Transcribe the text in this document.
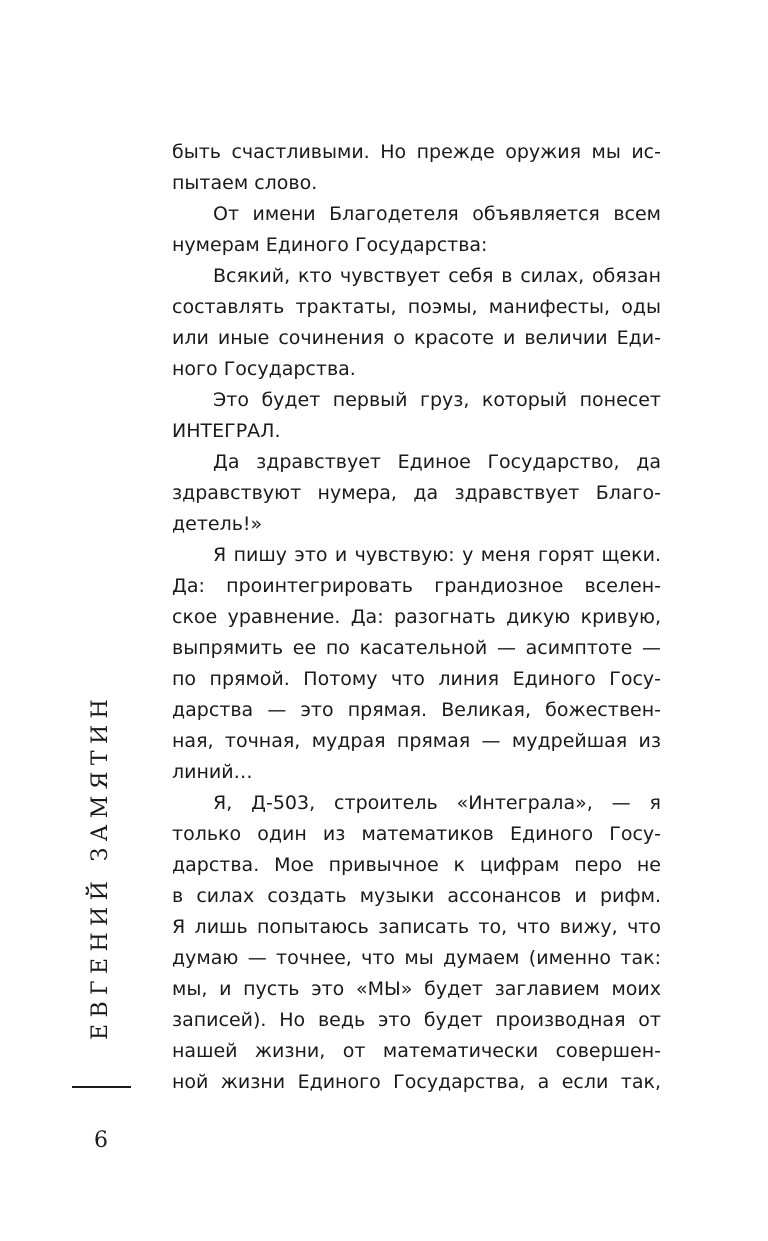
быть счастливыми. Но прежде оружия мы ис-
пытаем слово.
От имени Благодетеля объявляется всем
нумерам Единого Государства:
Всякий, кто чувствует себя в силах, обязан
составлять трактаты, поэмы, манифесты, оды
или иные сочинения о красоте и величии Еди-
ного Государства.
Это будет первый груз, который понесет
ИНТЕГРАЛ.
Да здравствует Единое Государство, да
здравствуют нумера, да здравствует Благо-
детель!»
Я пишу это и чувствую: у меня горят щеки.
Да: проинтегрировать грандиозное вселен-
ское уравнение. Да: разогнать дикую кривую,
выпрямить ее по касательной — асимптоте —
по прямой. Потому что линия Единого Госу-
дарства — это прямая. Великая, божествен-
ная, точная, мудрая прямая — мудрейшая из
линий…
Я, Д-503, строитель «Интеграла», — я
только один из математиков Единого Госу-
дарства. Мое привычное к цифрам перо не
в силах создать музыки ассонансов и рифм.
Я лишь попытаюсь записать то, что вижу, что
думаю — точнее, что мы думаем (именно так:
мы, и пусть это «МЫ» будет заглавием моих
записей). Но ведь это будет производная от
нашей жизни, от математически совершен-
ной жизни Единого Государства, а если так,
ЕВГЕНИЙ ЗАМЯТИН
6
